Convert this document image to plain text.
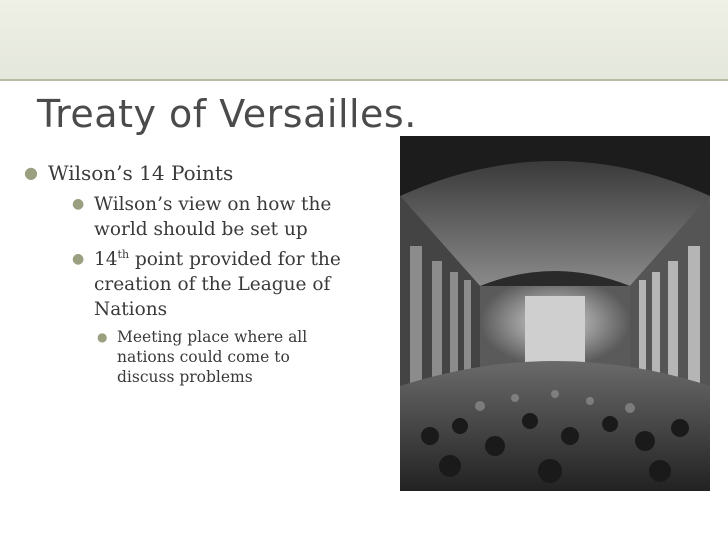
Treaty of Versailles.
● Wilson’s 14 Points
● Wilson’s view on how the world should be set up
● 14th point provided for the creation of the League of Nations
● Meeting place where all nations could come to discuss problems
